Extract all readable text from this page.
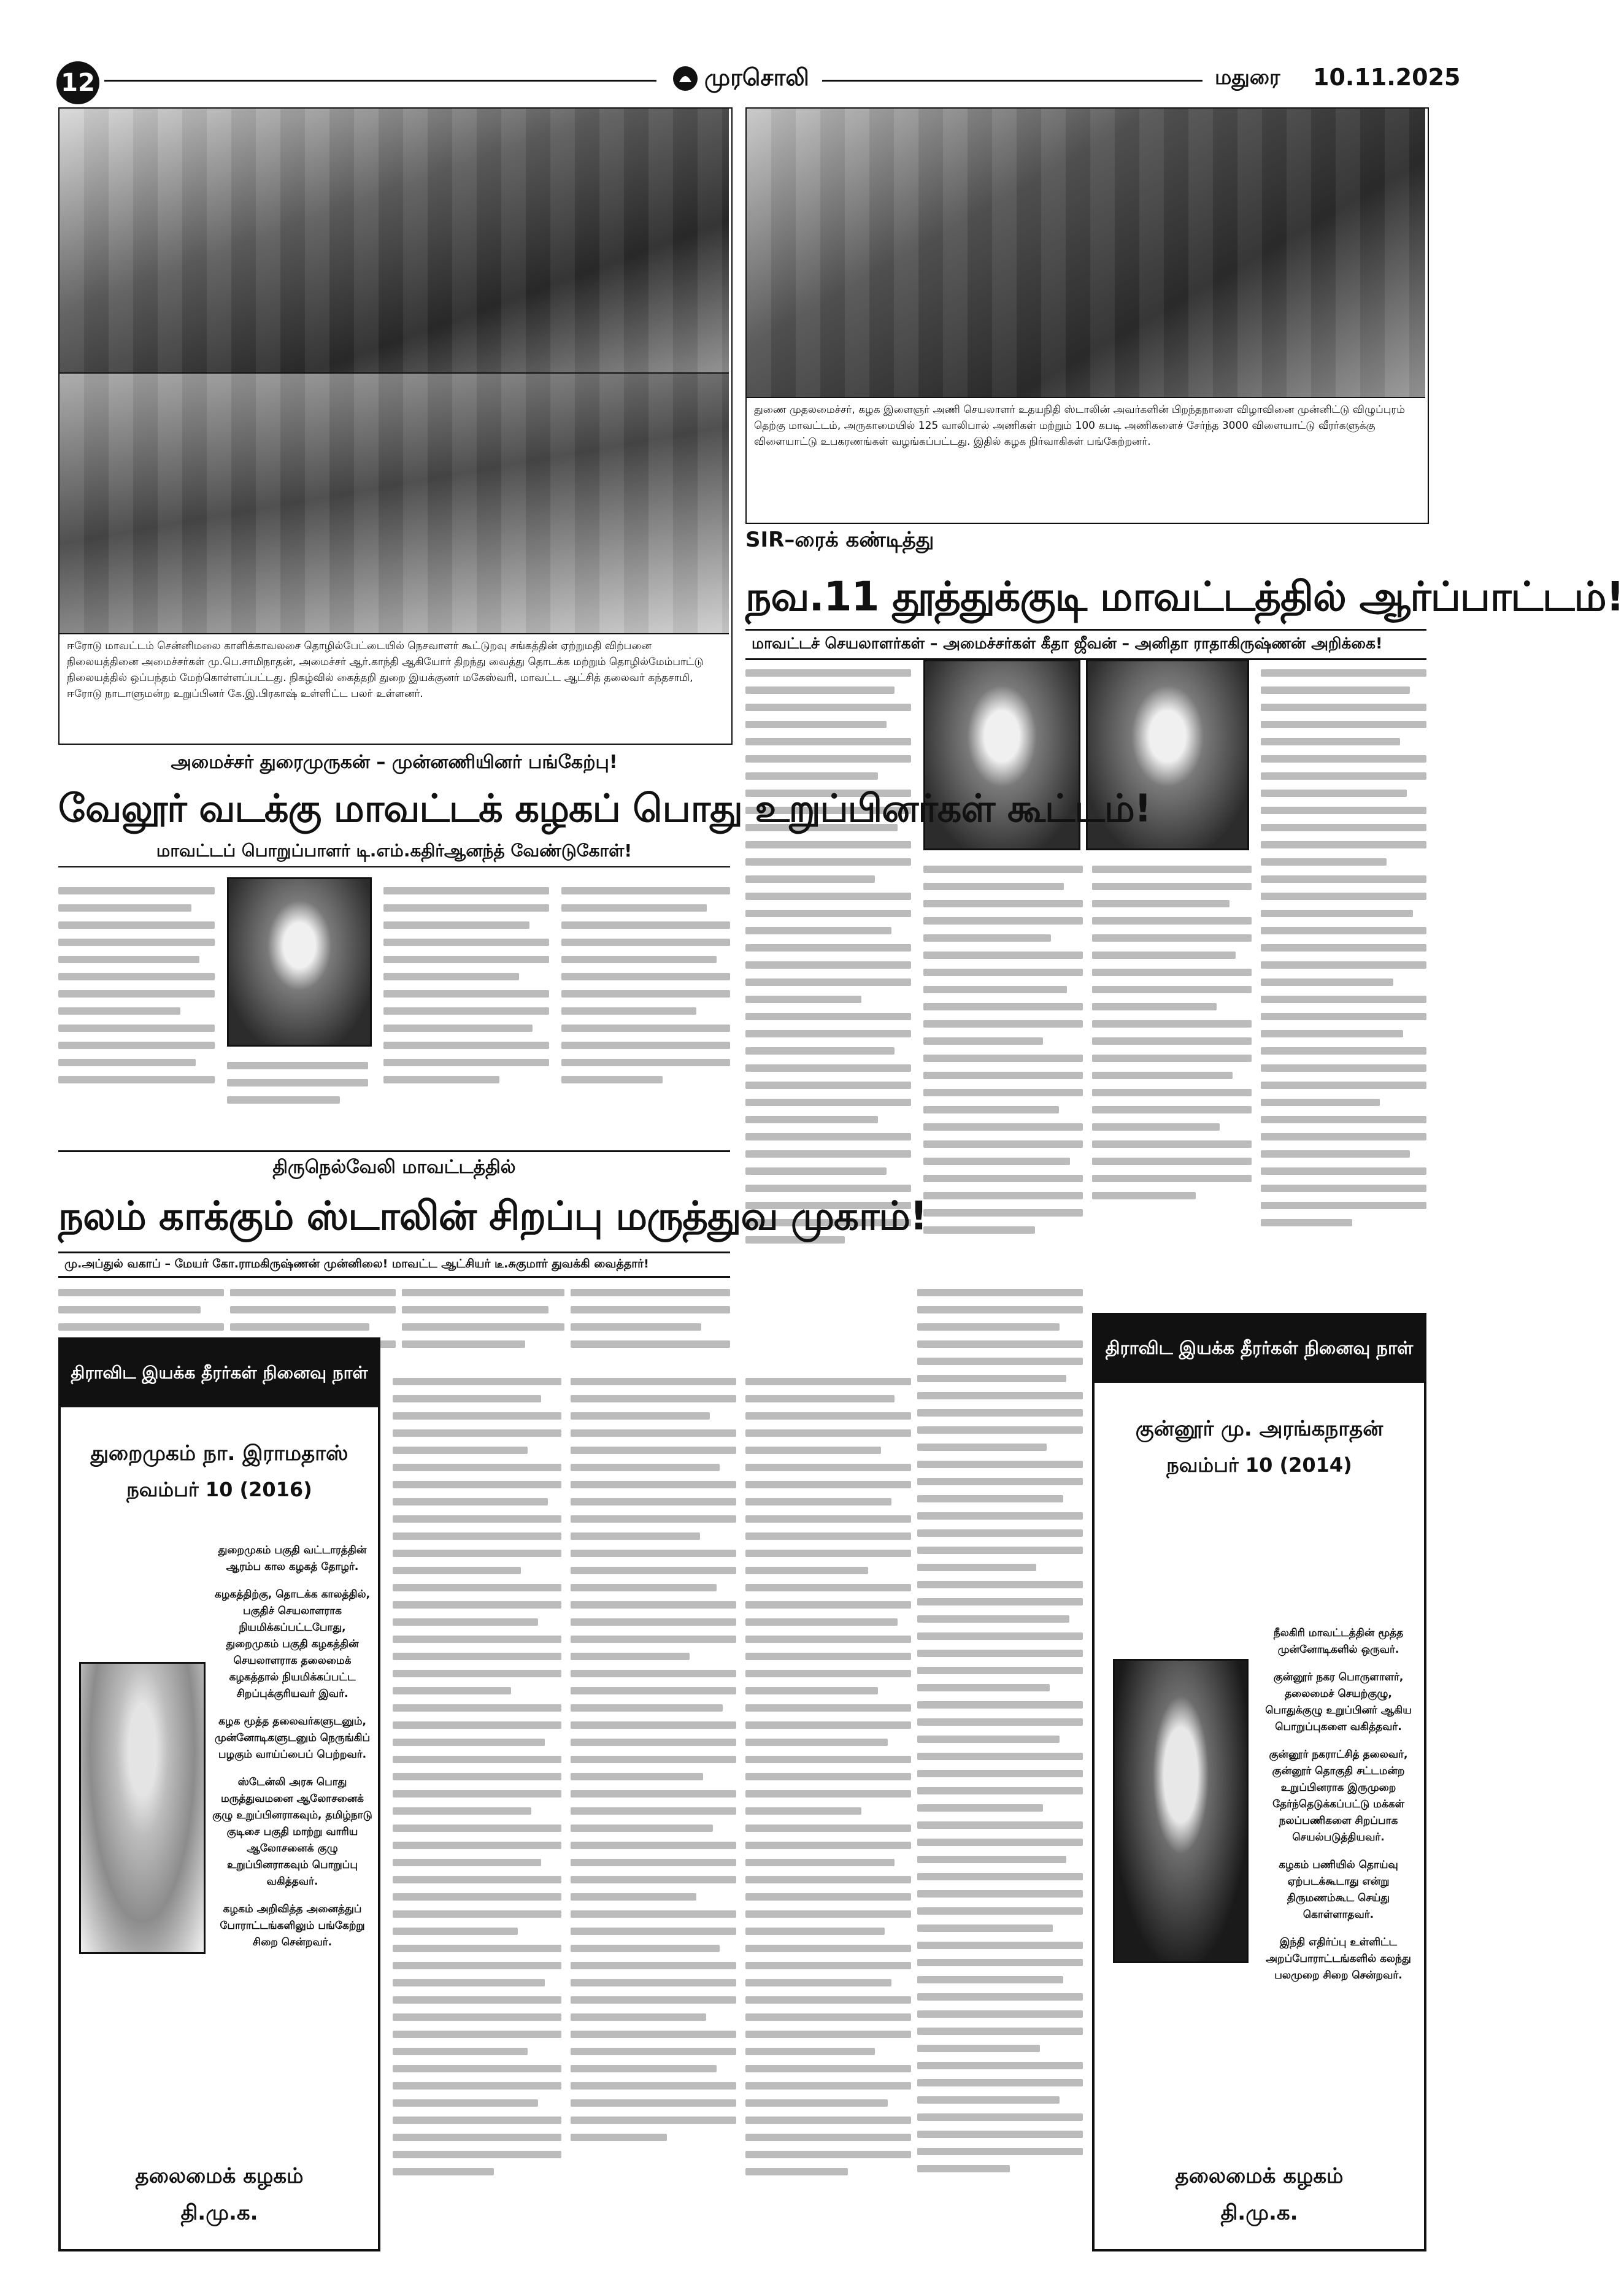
12	முரசொலி	மதுரை 10.11.2025
ஈரோடு மாவட்டம் சென்னிமலை காளிக்காவலசை தொழில்பேட்டையில் நெசவாளர் கூட்டுறவு சங்கத்தின் ஏற்றுமதி விற்பனை நிலையத்தினை அமைச்சர்கள் மு.பெ.சாமிநாதன், அமைச்சர் ஆர்.காந்தி ஆகியோர் திறந்து வைத்து தொடக்க மற்றும் தொழில்மேம்பாட்டு நிலையத்தில் ஒப்பந்தம் மேற்கொள்ளப்பட்டது. நிகழ்வில் கைத்தறி துறை இயக்குனர் மகேஸ்வரி, மாவட்ட ஆட்சித் தலைவர் கந்தசாமி, ஈரோடு நாடாளுமன்ற உறுப்பினர் கே.இ.பிரகாஷ் உள்ளிட்ட பலர் உள்ளனர்.
துணை முதலமைச்சர், கழக இளைஞர் அணி செயலாளர் உதயநிதி ஸ்டாலின் அவர்களின் பிறந்தநாளை விழாவினை முன்னிட்டு விழுப்புரம் தெற்கு மாவட்டம், அருகாமையில் 125 வாலிபால் அணிகள் மற்றும் 100 கபடி அணிகளைச் சேர்ந்த 3000 விளையாட்டு வீரர்களுக்கு விளையாட்டு உபகரணங்கள் வழங்கப்பட்டது. இதில் கழக நிர்வாகிகள் பங்கேற்றனர்.
SIR–ரைக் கண்டித்து
நவ.11 தூத்துக்குடி மாவட்டத்தில் ஆர்ப்பாட்டம்!
மாவட்டச் செயலாளர்கள் – அமைச்சர்கள் கீதா ஜீவன் – அனிதா ராதாகிருஷ்ணன் அறிக்கை!
அமைச்சர் துரைமுருகன் – முன்னணியினர் பங்கேற்பு!
வேலூர் வடக்கு மாவட்டக் கழகப் பொது உறுப்பினர்கள் கூட்டம்!
மாவட்டப் பொறுப்பாளர் டி.எம்.கதிர்ஆனந்த் வேண்டுகோள்!
திருநெல்வேலி மாவட்டத்தில்
நலம் காக்கும் ஸ்டாலின் சிறப்பு மருத்துவ முகாம்!
மு.அப்துல் வகாப் – மேயர் கோ.ராமகிருஷ்ணன் முன்னிலை! மாவட்ட ஆட்சியர் டீ.சுகுமார் துவக்கி வைத்தார்!
திராவிட இயக்க தீரர்கள் நினைவு நாள்
துறைமுகம் நா. இராமதாஸ்
நவம்பர் 10 (2016)

துறைமுகம் பகுதி வட்டாரத்தின் ஆரம்ப கால கழகத் தோழர்.

கழகத்திற்கு, தொடக்க காலத்தில், பகுதிச் செயலாளராக நியமிக்கப்பட்டபோது, துறைமுகம் பகுதி கழகத்தின் செயலாளராக தலைமைக் கழகத்தால் நியமிக்கப்பட்ட சிறப்புக்குரியவர் இவர்.

கழக மூத்த தலைவர்களுடனும், முன்னோடிகளுடனும் நெருங்கிப் பழகும் வாய்ப்பைப் பெற்றவர்.

ஸ்டேன்லி அரசு பொது மருத்துவமனை ஆலோசனைக் குழு உறுப்பினராகவும், தமிழ்நாடு குடிசை பகுதி மாற்று வாரிய ஆலோசனைக் குழு உறுப்பினராகவும் பொறுப்பு வகித்தவர்.

கழகம் அறிவித்த அனைத்துப் போராட்டங்களிலும் பங்கேற்று சிறை சென்றவர்.

தலைமைக் கழகம்
தி.மு.க.
திராவிட இயக்க தீரர்கள் நினைவு நாள்
குன்னூர் மு. அரங்கநாதன்
நவம்பர் 10 (2014)

நீலகிரி மாவட்டத்தின் மூத்த முன்னோடிகளில் ஒருவர்.

குன்னூர் நகர பொருளாளர், தலைமைச் செயற்குழு, பொதுக்குழு உறுப்பினர் ஆகிய பொறுப்புகளை வகித்தவர்.

குன்னூர் நகராட்சித் தலைவர், குன்னூர் தொகுதி சட்டமன்ற உறுப்பினராக இருமுறை தேர்ந்தெடுக்கப்பட்டு மக்கள் நலப்பணிகளை சிறப்பாக செயல்படுத்தியவர்.

கழகம் பணியில் தொய்வு ஏற்படக்கூடாது என்று திருமணம்கூட செய்து கொள்ளாதவர்.

இந்தி எதிர்ப்பு உள்ளிட்ட அறப்போராட்டங்களில் கலந்து பலமுறை சிறை சென்றவர்.

தலைமைக் கழகம்
தி.மு.க.
